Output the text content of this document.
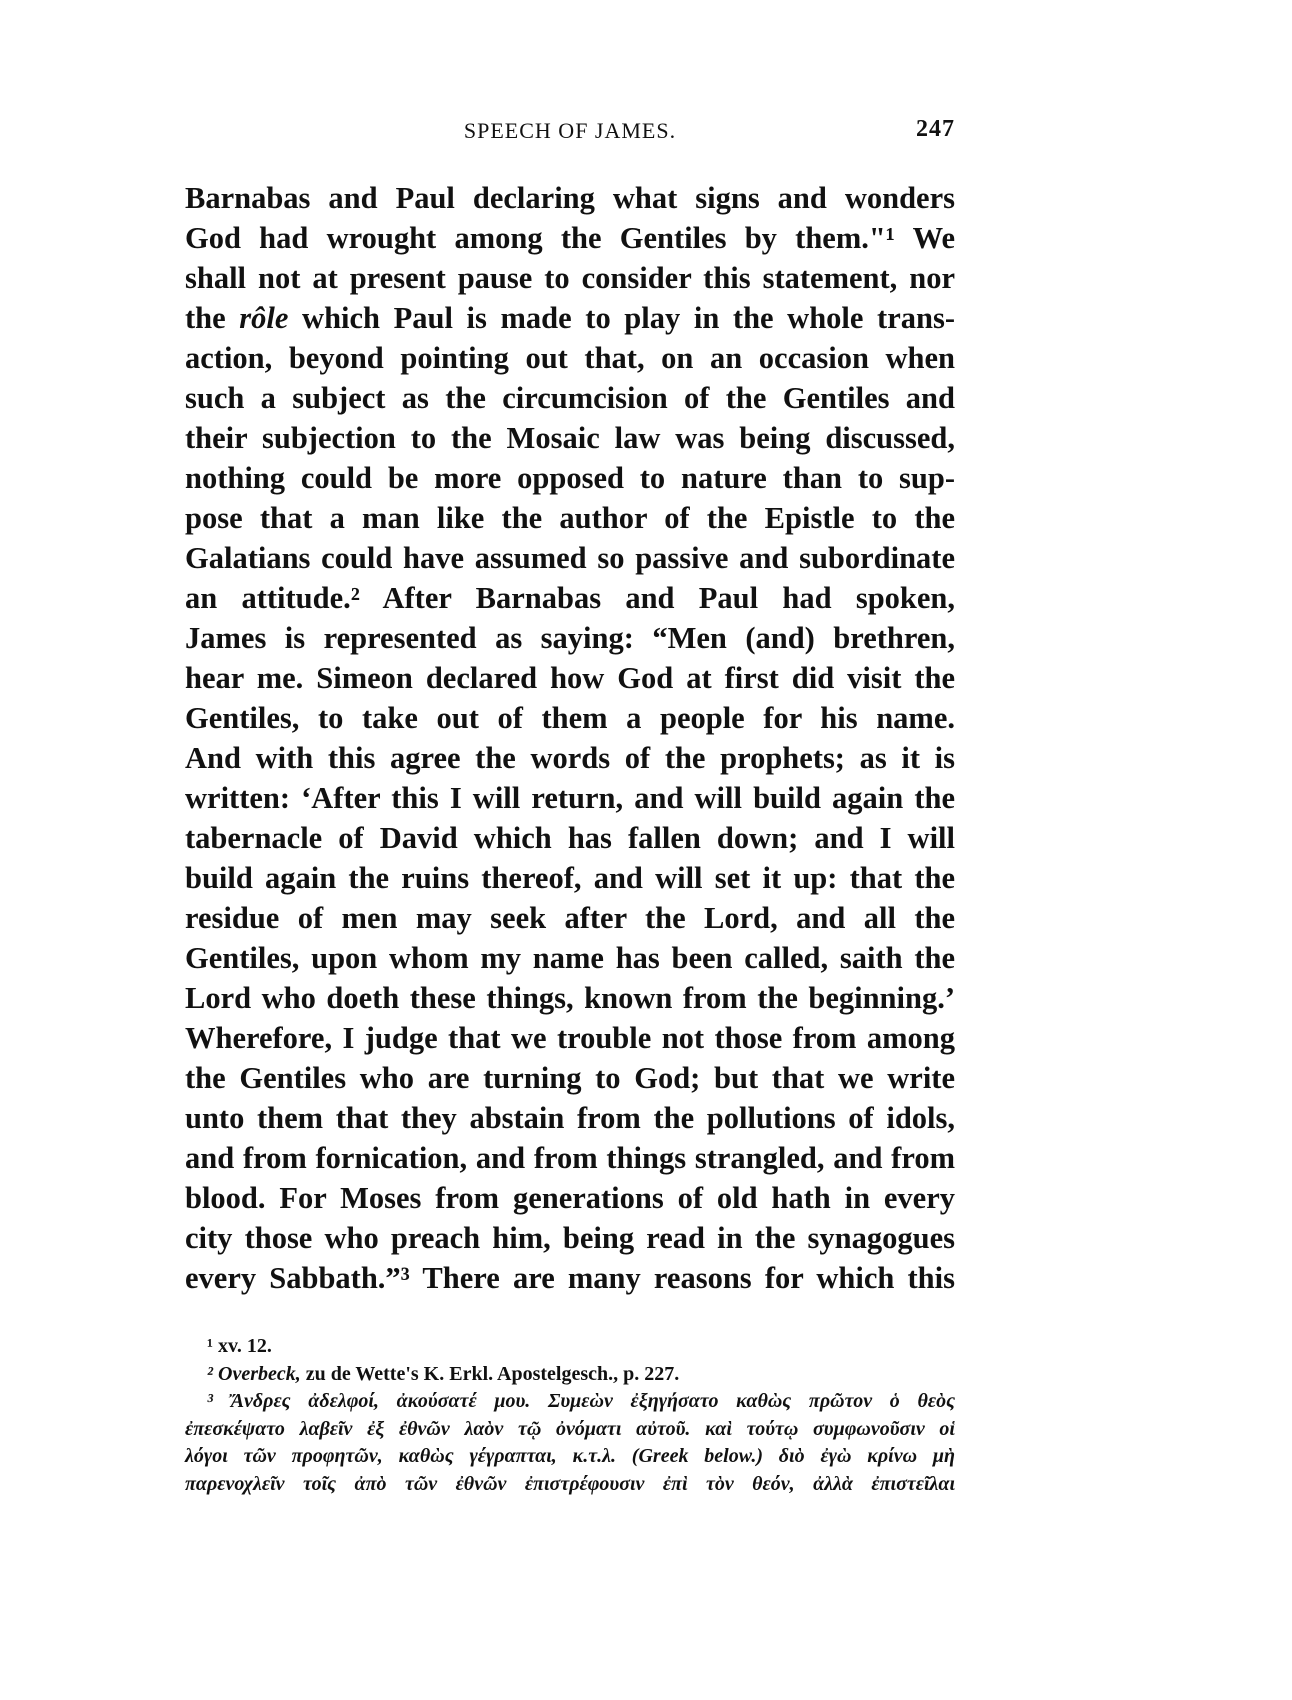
SPEECH OF JAMES.	247
Barnabas and Paul declaring what signs and wonders
God had wrought among the Gentiles by them."¹ We
shall not at present pause to consider this statement, nor
the rôle which Paul is made to play in the whole trans-
action, beyond pointing out that, on an occasion when
such a subject as the circumcision of the Gentiles and
their subjection to the Mosaic law was being discussed,
nothing could be more opposed to nature than to sup-
pose that a man like the author of the Epistle to the
Galatians could have assumed so passive and subordinate
an attitude.² After Barnabas and Paul had spoken,
James is represented as saying: “Men (and) brethren,
hear me. Simeon declared how God at first did visit the
Gentiles, to take out of them a people for his name.
And with this agree the words of the prophets; as it is
written: ‘After this I will return, and will build again the
tabernacle of David which has fallen down; and I will
build again the ruins thereof, and will set it up: that the
residue of men may seek after the Lord, and all the
Gentiles, upon whom my name has been called, saith the
Lord who doeth these things, known from the beginning.’
Wherefore, I judge that we trouble not those from among
the Gentiles who are turning to God; but that we write
unto them that they abstain from the pollutions of idols,
and from fornication, and from things strangled, and from
blood. For Moses from generations of old hath in every
city those who preach him, being read in the synagogues
every Sabbath.”³ There are many reasons for which this
¹ xv. 12.
² Overbeck, zu de Wette's K. Erkl. Apostelgesch., p. 227.
³ Ἄνδρες ἀδελφοί, ἀκούσατέ μου. Συμεὼν ἐξηγήσατο καθὼς πρῶτον ὁ θεὸς
ἐπεσκέψατο λαβεῖν ἐξ ἐθνῶν λαὸν τῷ ὀνόματι αὐτοῦ. καὶ τούτῳ συμφωνοῦσιν οἱ
λόγοι τῶν προφητῶν, καθὼς γέγραπται, κ.τ.λ. (Greek below.) διὸ ἐγὼ κρίνω μὴ
παρενοχλεῖν τοῖς ἀπὸ τῶν ἐθνῶν ἐπιστρέφουσιν ἐπὶ τὸν θεόν, ἀλλὰ ἐπιστεῖλαι
